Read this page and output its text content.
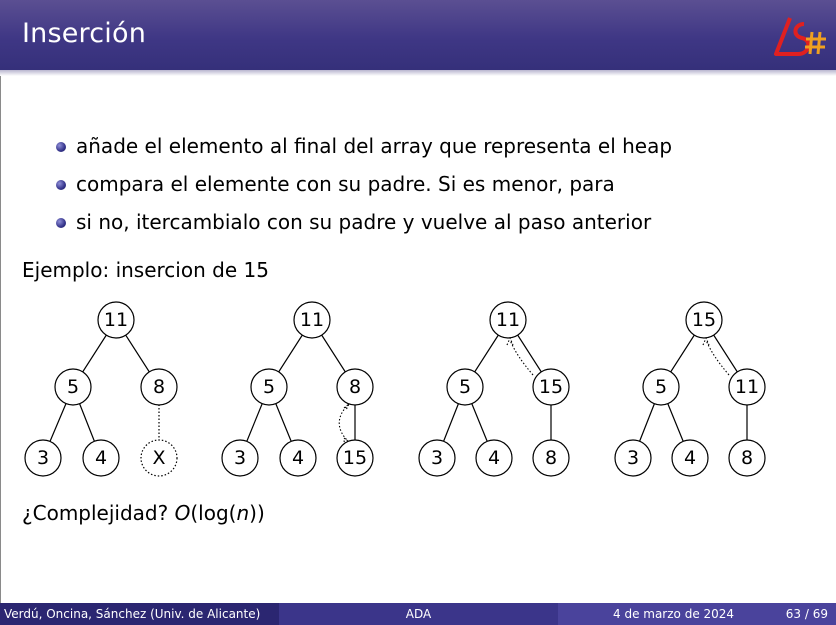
Inserción
añade el elemento al final del array que representa el heap
compara el elemente con su padre. Si es menor, para
si no, itercambialo con su padre y vuelve al paso anterior
Ejemplo: insercion de 15
11
5	8
3 4 X
11
5	8
3 4 15
11
5	15
3 4 8
15
5	11
3 4 8
¿Complejidad? O(log(n))
Verdú, Oncina, Sánchez (Univ. de Alicante)	ADA	4 de marzo de 2024	63 / 69
